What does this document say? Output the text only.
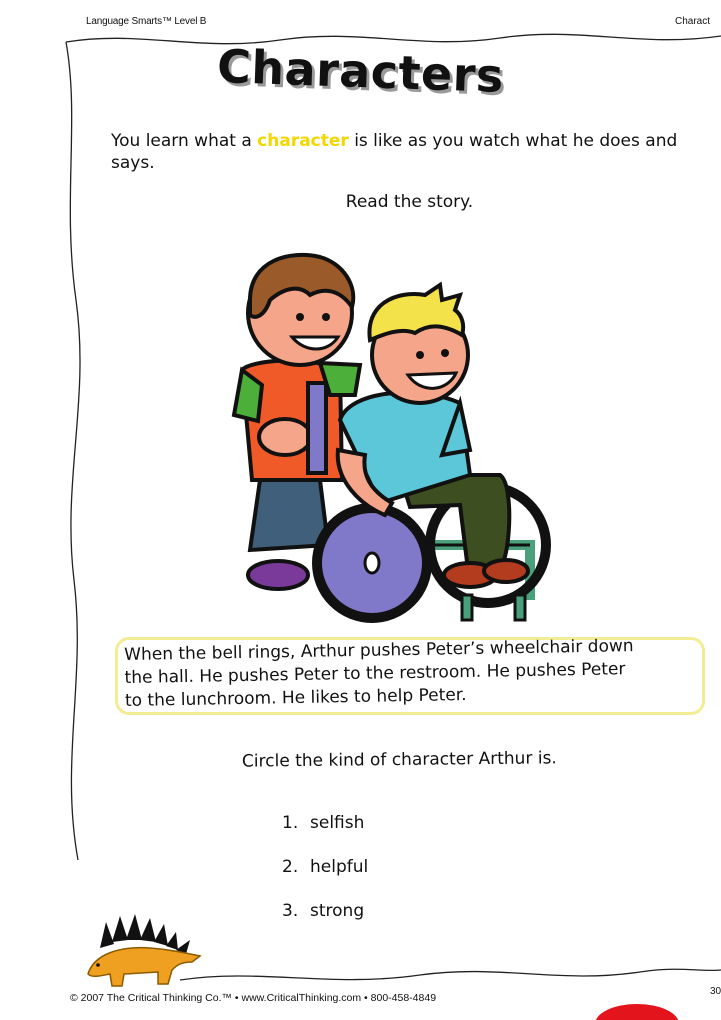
Language Smarts™ Level B	Charact
Characters
You learn what a character is like as you watch what he does and says.
Read the story.

When the bell rings, Arthur pushes Peter’s wheelchair down

the hall. He pushes Peter to the restroom. He pushes Peter

to the lunchroom. He likes to help Peter.

Circle the kind of character Arthur is.
1. selfish
2. helpful
3. strong
© 2007 The Critical Thinking Co.™ • www.CriticalThinking.com • 800-458-4849
30
